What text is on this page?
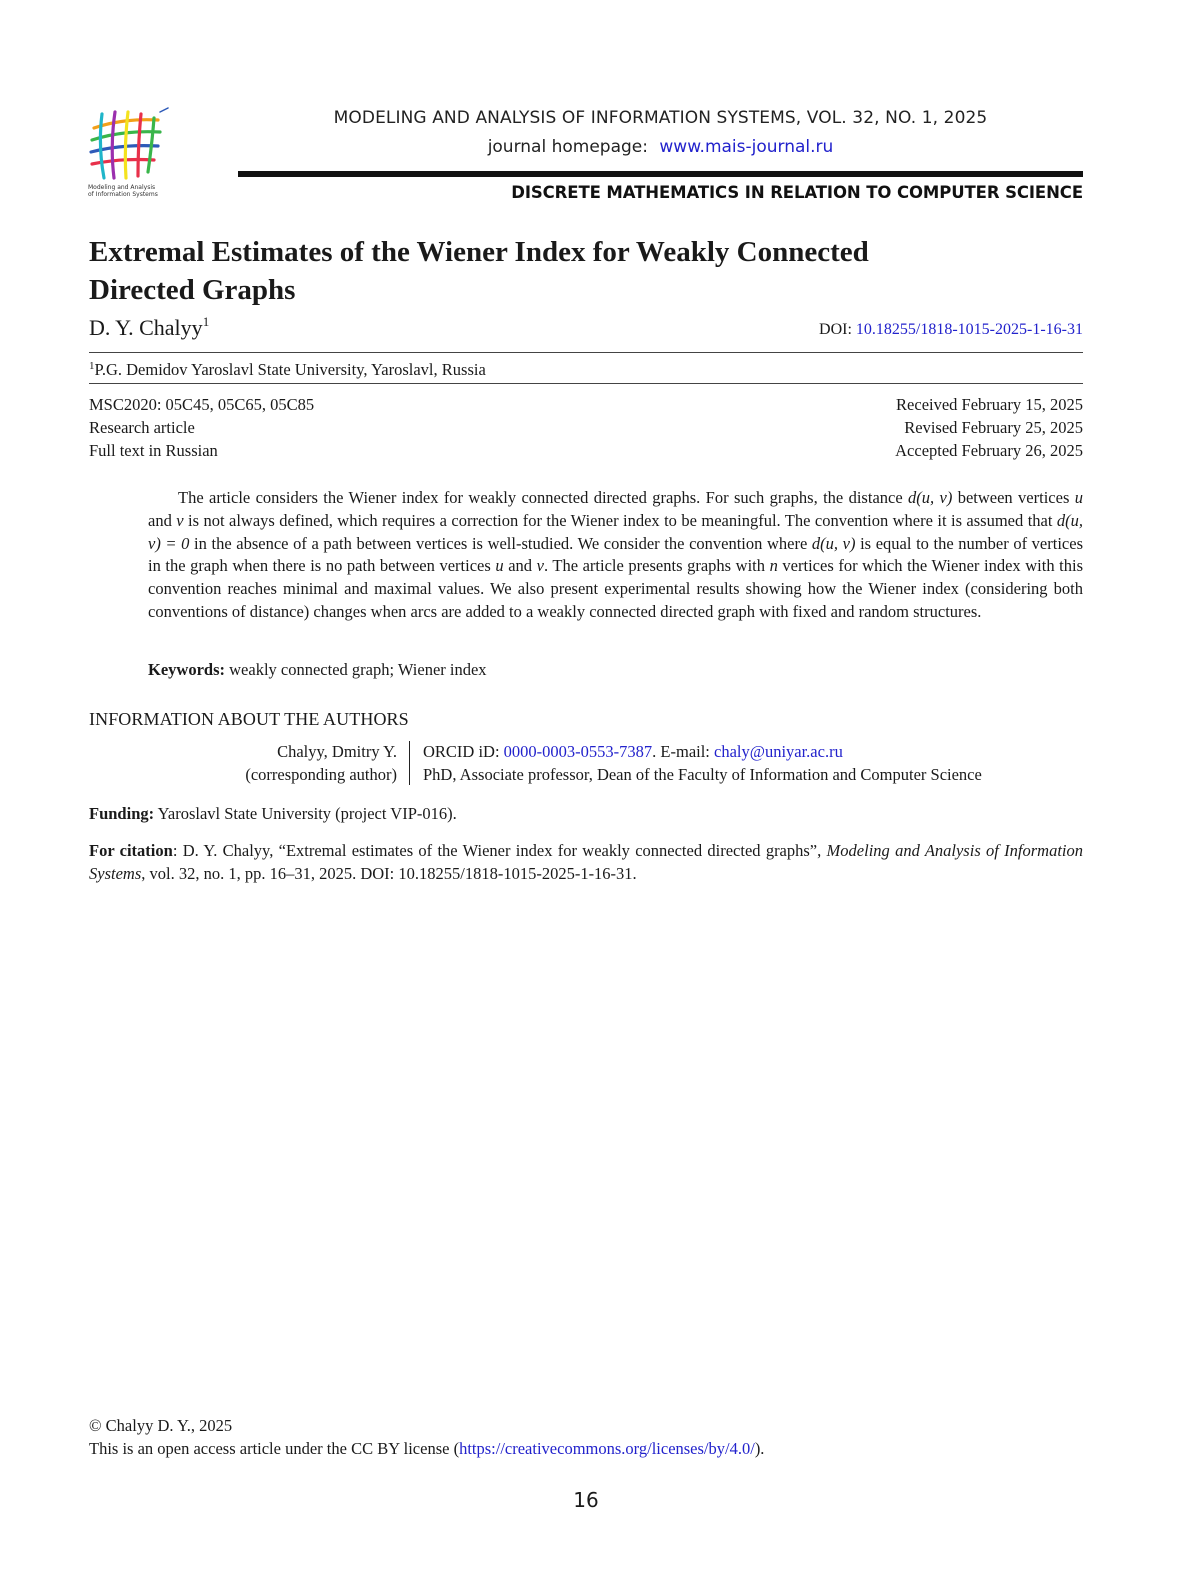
Modeling and Analysis
of Information Systems
MODELING AND ANALYSIS OF INFORMATION SYSTEMS, VOL. 32, NO. 1, 2025
journal homepage: www.mais-journal.ru
DISCRETE MATHEMATICS IN RELATION TO COMPUTER SCIENCE
Extremal Estimates of the Wiener Index for Weakly Connected
Directed Graphs
D. Y. Chalyy$^1$	DOI: 10.18255/1818-1015-2025-1-16-31
$^1$P.G. Demidov Yaroslavl State University, Yaroslavl, Russia
MSC2020: 05C45, 05C65, 05C85
Research article
Full text in Russian
Received February 15, 2025
Revised February 25, 2025
Accepted February 26, 2025

The article considers the Wiener index for weakly connected directed graphs. For such graphs, the distance d(u, v) between vertices u and v is not always defined, which requires a correction for the Wiener index to be meaningful. The convention where it is assumed that d(u, v) = 0 in the absence of a path between vertices is well-studied. We consider the convention where d(u, v) is equal to the number of vertices in the graph when there is no path between vertices u and v. The article presents graphs with n vertices for which the Wiener index with this convention reaches minimal and maximal values. We also present experimental results showing how the Wiener index (considering both conventions of distance) changes when arcs are added to a weakly connected directed graph with fixed and random structures.

Keywords: weakly connected graph; Wiener index
INFORMATION ABOUT THE AUTHORS
Chalyy, Dmitry Y.
(corresponding author)
ORCID iD: 0000-0003-0553-7387. E-mail: chaly@uniyar.ac.ru
PhD, Associate professor, Dean of the Faculty of Information and Computer Science
Funding: Yaroslavl State University (project VIP-016).

For citation: D. Y. Chalyy, “Extremal estimates of the Wiener index for weakly connected directed graphs”, Modeling and Analysis of Information Systems, vol. 32, no. 1, pp. 16–31, 2025. DOI: 10.18255/1818-1015-2025-1-16-31.

© Chalyy D. Y., 2025
This is an open access article under the CC BY license (https://creativecommons.org/licenses/by/4.0/).
16
